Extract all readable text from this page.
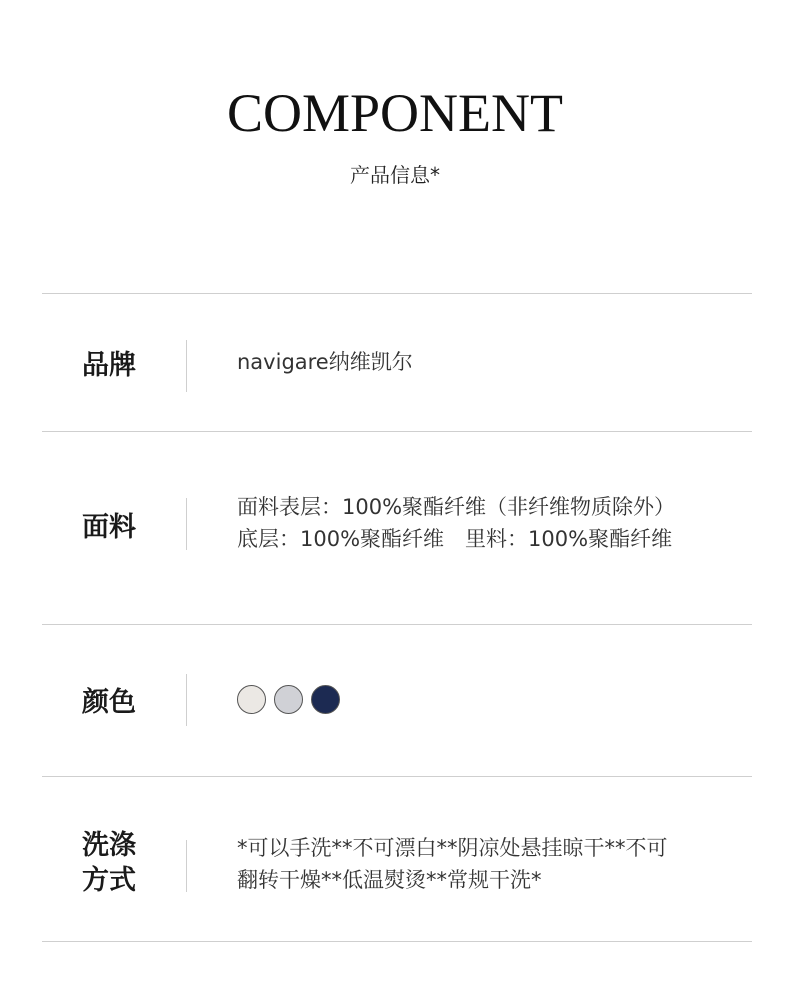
COMPONENT
产品信息*
品牌	navigare纳维凯尔
面料
面料表层：100%聚酯纤维（非纤维物质除外）
底层：100%聚酯纤维　里料：100%聚酯纤维
颜色
洗涤
方式
*可以手洗**不可漂白**阴凉处悬挂晾干**不可
翻转干燥**低温熨烫**常规干洗*
